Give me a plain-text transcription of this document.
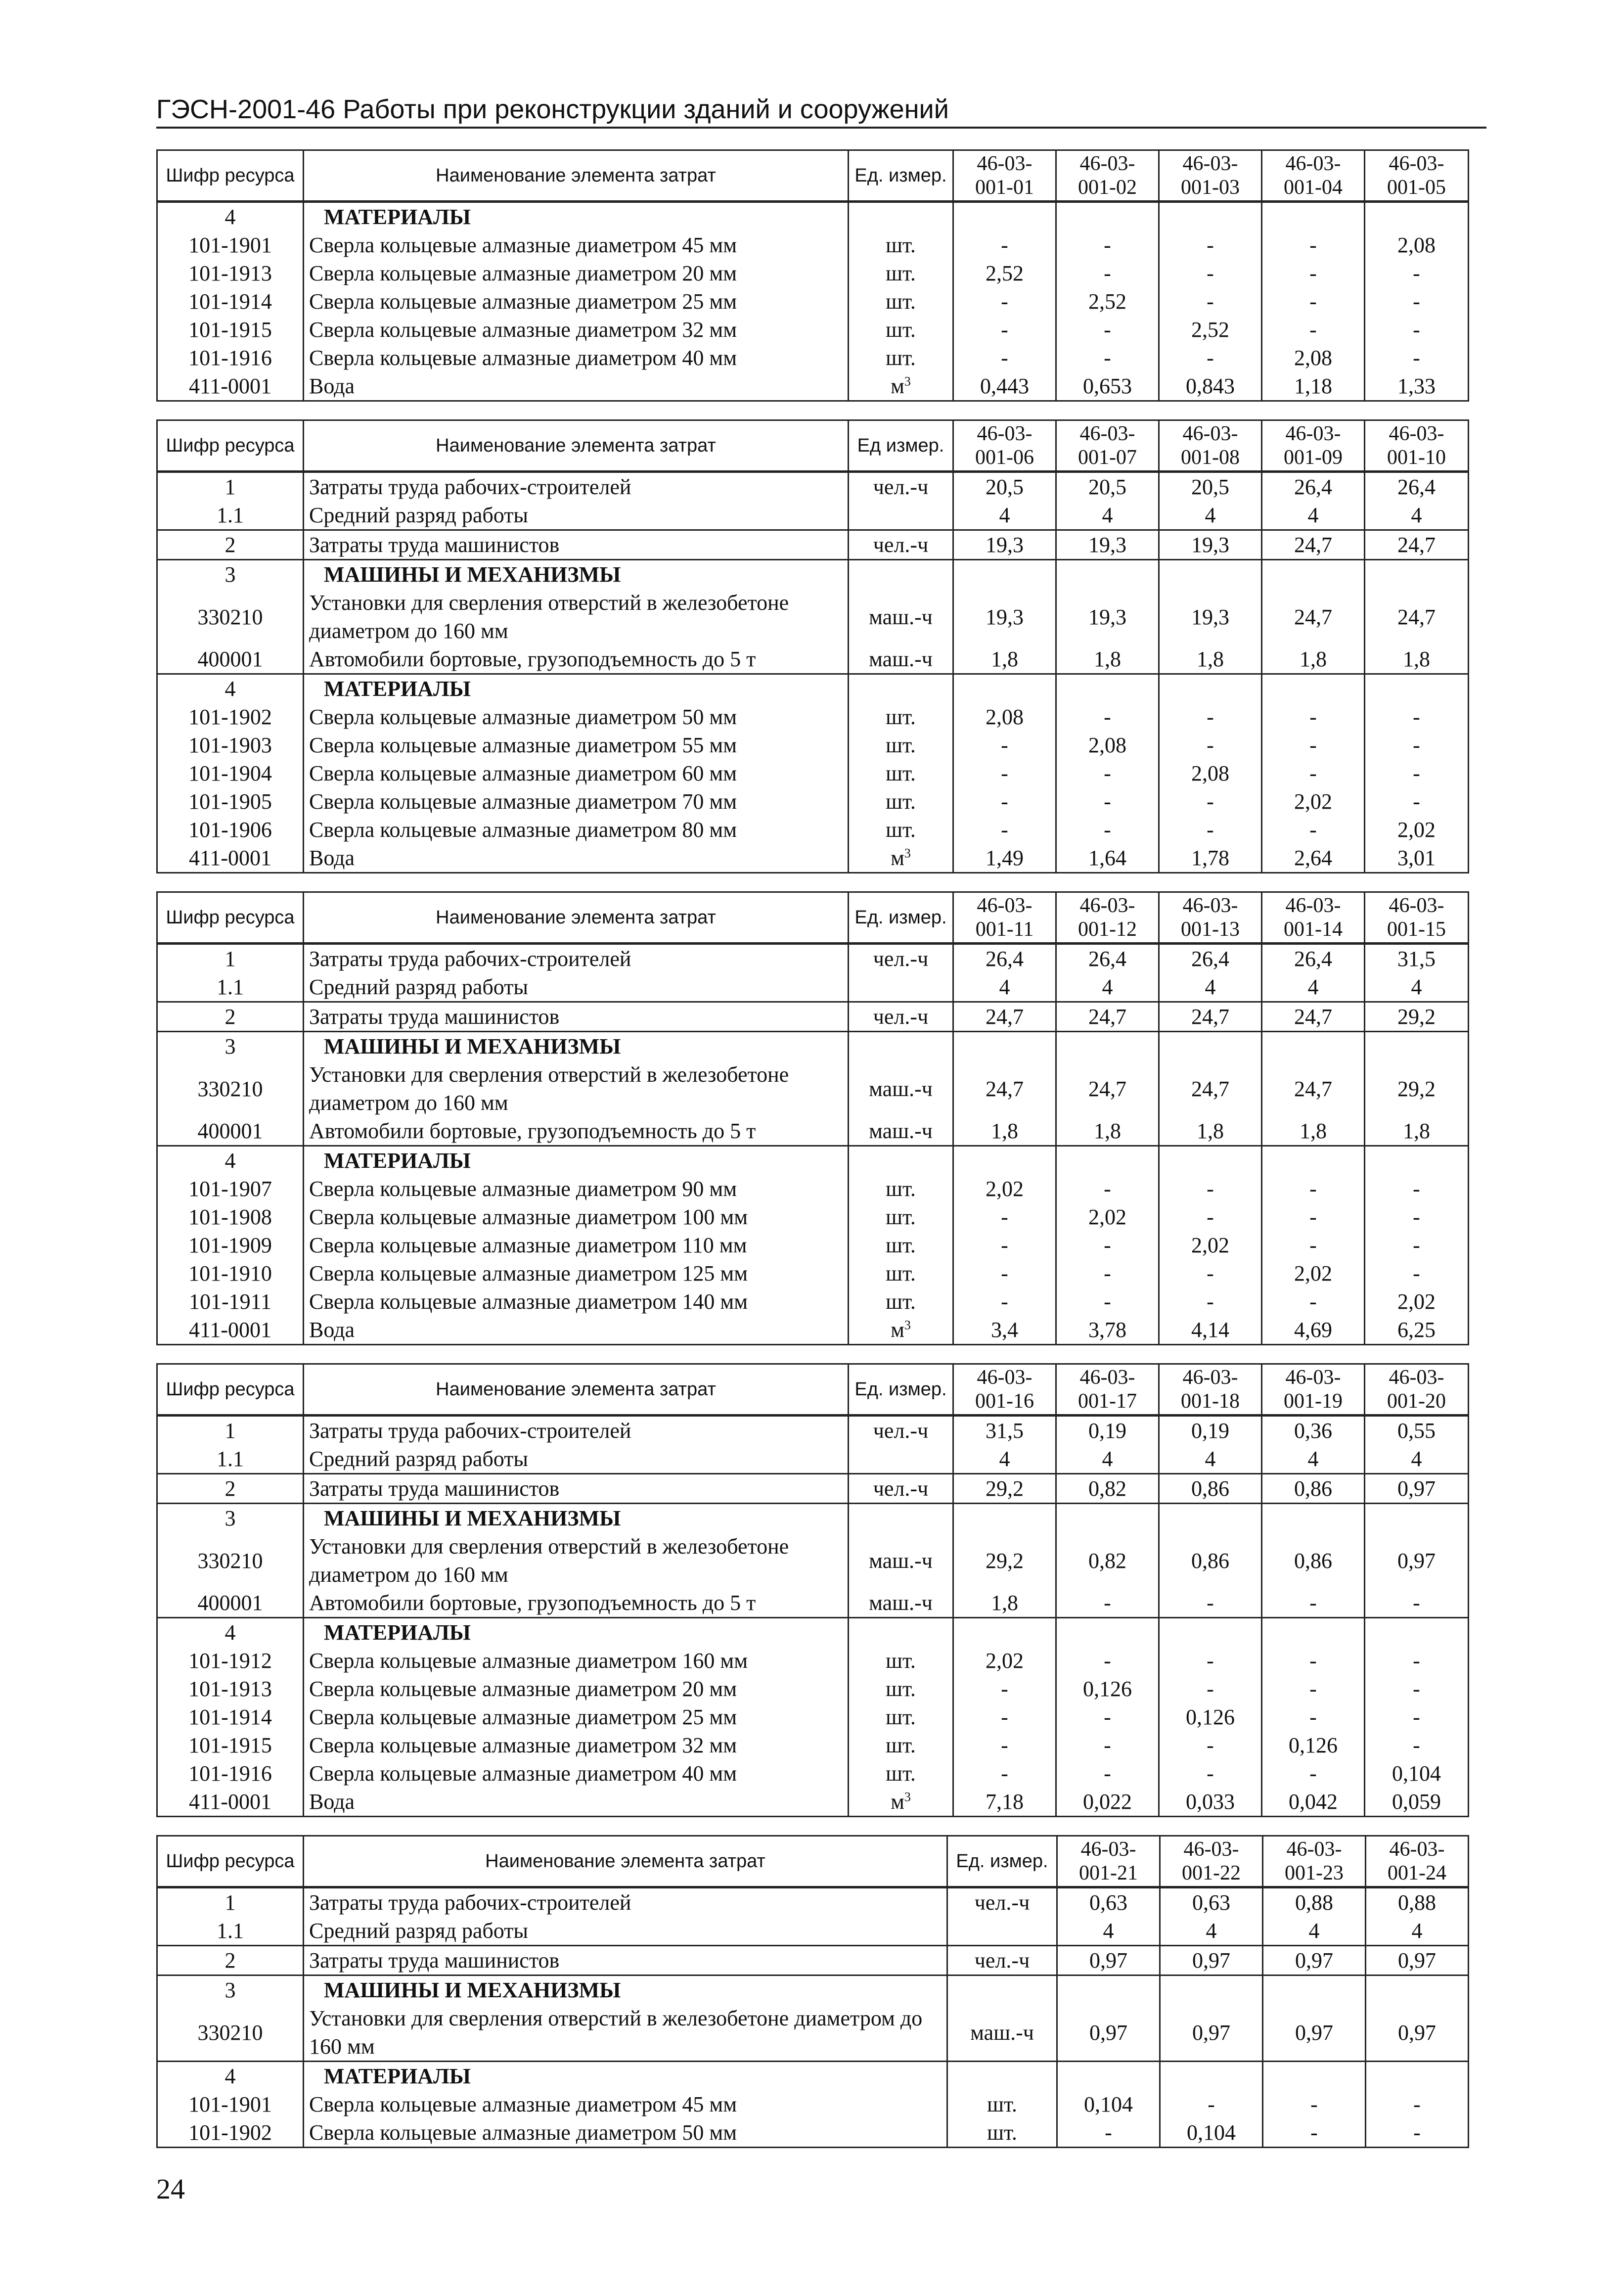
ГЭСН-2001-46 Работы при реконструкции зданий и сооружений
Шифр ресурса	Наименование элемента затрат	Ед. измер.	46-03-001-01	46-03-001-02	46-03-001-03	46-03-001-04	46-03-001-05
4	МАТЕРИАЛЫ						
101-1901	Сверла кольцевые алмазные диаметром 45 мм	шт.	-	-	-	-	2,08
101-1913	Сверла кольцевые алмазные диаметром 20 мм	шт.	2,52	-	-	-	-
101-1914	Сверла кольцевые алмазные диаметром 25 мм	шт.	-	2,52	-	-	-
101-1915	Сверла кольцевые алмазные диаметром 32 мм	шт.	-	-	2,52	-	-
101-1916	Сверла кольцевые алмазные диаметром 40 мм	шт.	-	-	-	2,08	-
411-0001	Вода	$м^3$	0,443	0,653	0,843	1,18	1,33
Шифр ресурса	Наименование элемента затрат	Ед измер.	46-03-001-06	46-03-001-07	46-03-001-08	46-03-001-09	46-03-001-10
1	Затраты труда рабочих-строителей	чел.-ч	20,5	20,5	20,5	26,4	26,4
1.1	Средний разряд работы		4	4	4	4	4
2	Затраты труда машинистов	чел.-ч	19,3	19,3	19,3	24,7	24,7
3	МАШИНЫ И МЕХАНИЗМЫ						
330210	Установки для сверления отверстий в железобетоне диаметром до 160 мм	маш.-ч	19,3	19,3	19,3	24,7	24,7
400001	Автомобили бортовые, грузоподъемность до 5 т	маш.-ч	1,8	1,8	1,8	1,8	1,8
4	МАТЕРИАЛЫ						
101-1902	Сверла кольцевые алмазные диаметром 50 мм	шт.	2,08	-	-	-	-
101-1903	Сверла кольцевые алмазные диаметром 55 мм	шт.	-	2,08	-	-	-
101-1904	Сверла кольцевые алмазные диаметром 60 мм	шт.	-	-	2,08	-	-
101-1905	Сверла кольцевые алмазные диаметром 70 мм	шт.	-	-	-	2,02	-
101-1906	Сверла кольцевые алмазные диаметром 80 мм	шт.	-	-	-	-	2,02
411-0001	Вода	$м^3$	1,49	1,64	1,78	2,64	3,01
Шифр ресурса	Наименование элемента затрат	Ед. измер.	46-03-001-11	46-03-001-12	46-03-001-13	46-03-001-14	46-03-001-15
1	Затраты труда рабочих-строителей	чел.-ч	26,4	26,4	26,4	26,4	31,5
1.1	Средний разряд работы		4	4	4	4	4
2	Затраты труда машинистов	чел.-ч	24,7	24,7	24,7	24,7	29,2
3	МАШИНЫ И МЕХАНИЗМЫ						
330210	Установки для сверления отверстий в железобетоне диаметром до 160 мм	маш.-ч	24,7	24,7	24,7	24,7	29,2
400001	Автомобили бортовые, грузоподъемность до 5 т	маш.-ч	1,8	1,8	1,8	1,8	1,8
4	МАТЕРИАЛЫ						
101-1907	Сверла кольцевые алмазные диаметром 90 мм	шт.	2,02	-	-	-	-
101-1908	Сверла кольцевые алмазные диаметром 100 мм	шт.	-	2,02	-	-	-
101-1909	Сверла кольцевые алмазные диаметром 110 мм	шт.	-	-	2,02	-	-
101-1910	Сверла кольцевые алмазные диаметром 125 мм	шт.	-	-	-	2,02	-
101-1911	Сверла кольцевые алмазные диаметром 140 мм	шт.	-	-	-	-	2,02
411-0001	Вода	$м^3$	3,4	3,78	4,14	4,69	6,25
Шифр ресурса	Наименование элемента затрат	Ед. измер.	46-03-001-16	46-03-001-17	46-03-001-18	46-03-001-19	46-03-001-20
1	Затраты труда рабочих-строителей	чел.-ч	31,5	0,19	0,19	0,36	0,55
1.1	Средний разряд работы		4	4	4	4	4
2	Затраты труда машинистов	чел.-ч	29,2	0,82	0,86	0,86	0,97
3	МАШИНЫ И МЕХАНИЗМЫ						
330210	Установки для сверления отверстий в железобетоне диаметром до 160 мм	маш.-ч	29,2	0,82	0,86	0,86	0,97
400001	Автомобили бортовые, грузоподъемность до 5 т	маш.-ч	1,8	-	-	-	-
4	МАТЕРИАЛЫ						
101-1912	Сверла кольцевые алмазные диаметром 160 мм	шт.	2,02	-	-	-	-
101-1913	Сверла кольцевые алмазные диаметром 20 мм	шт.	-	0,126	-	-	-
101-1914	Сверла кольцевые алмазные диаметром 25 мм	шт.	-	-	0,126	-	-
101-1915	Сверла кольцевые алмазные диаметром 32 мм	шт.	-	-	-	0,126	-
101-1916	Сверла кольцевые алмазные диаметром 40 мм	шт.	-	-	-	-	0,104
411-0001	Вода	$м^3$	7,18	0,022	0,033	0,042	0,059
Шифр ресурса	Наименование элемента затрат	Ед. измер.	46-03-001-21	46-03-001-22	46-03-001-23	46-03-001-24
1	Затраты труда рабочих-строителей	чел.-ч	0,63	0,63	0,88	0,88
1.1	Средний разряд работы		4	4	4	4
2	Затраты труда машинистов	чел.-ч	0,97	0,97	0,97	0,97
3	МАШИНЫ И МЕХАНИЗМЫ					
330210	Установки для сверления отверстий в железобетоне диаметром до 160 мм	маш.-ч	0,97	0,97	0,97	0,97
4	МАТЕРИАЛЫ					
101-1901	Сверла кольцевые алмазные диаметром 45 мм	шт.	0,104	-	-	-
101-1902	Сверла кольцевые алмазные диаметром 50 мм	шт.	-	0,104	-	-
24
